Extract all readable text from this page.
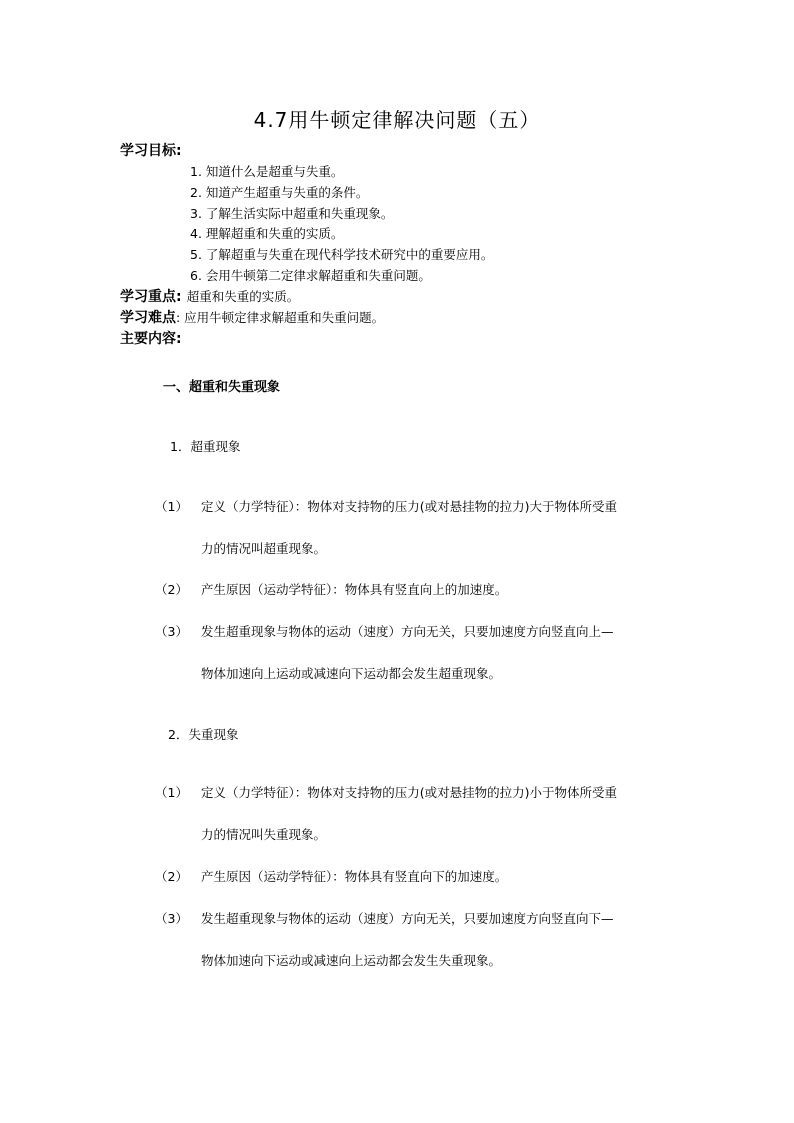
4.7用牛顿定律解决问题（五）
学习目标:
1. 知道什么是超重与失重。
2. 知道产生超重与失重的条件。
3. 了解生活实际中超重和失重现象。
4. 理解超重和失重的实质。
5. 了解超重与失重在现代科学技术研究中的重要应用。
6. 会用牛顿第二定律求解超重和失重问题。
学习重点: 超重和失重的实质。
学习难点: 应用牛顿定律求解超重和失重问题。
主要内容:
一、超重和失重现象
1．超重现象
（1） 定义（力学特征）：物体对支持物的压力(或对悬挂物的拉力)大于物体所受重
力的情况叫超重现象。
（2） 产生原因（运动学特征）：物体具有竖直向上的加速度。
（3） 发生超重现象与物体的运动（速度）方向无关，只要加速度方向竖直向上—
物体加速向上运动或减速向下运动都会发生超重现象。
2．失重现象
（1） 定义（力学特征）：物体对支持物的压力(或对悬挂物的拉力)小于物体所受重
力的情况叫失重现象。
（2） 产生原因（运动学特征）：物体具有竖直向下的加速度。
（3） 发生超重现象与物体的运动（速度）方向无关，只要加速度方向竖直向下—
物体加速向下运动或减速向上运动都会发生失重现象。
